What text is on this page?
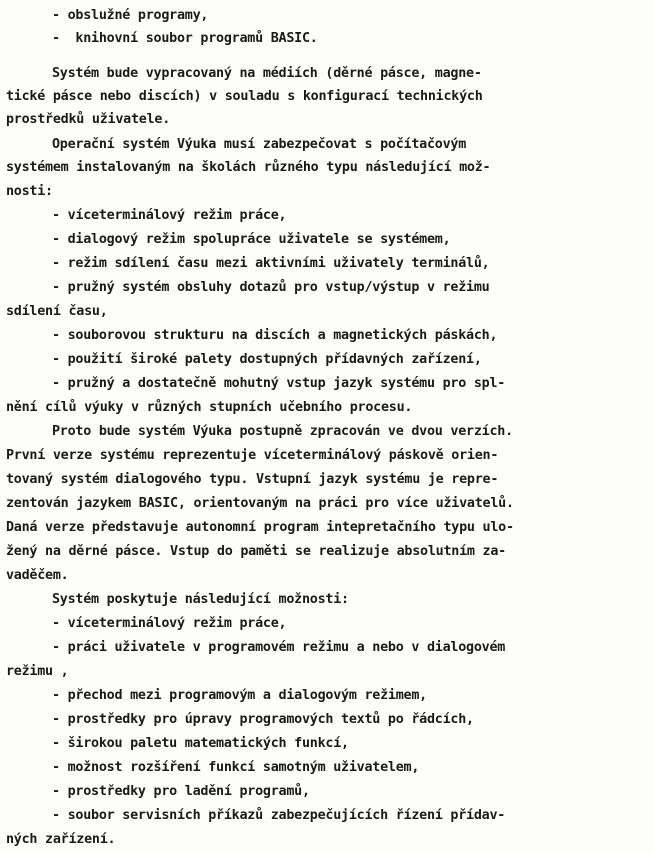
- obslužné programy,
-  knihovní soubor programů BASIC.
Systém bude vypracovaný na médiích (děrné pásce, magne-
tické pásce nebo discích) v souladu s konfigurací technických
prostředků uživatele.
Operační systém Výuka musí zabezpečovat s počítačovým
systémem instalovaným na školách různého typu následující mož-
nosti:
- víceterminálový režim práce,
- dialogový režim spolupráce uživatele se systémem,
- režim sdílení času mezi aktivními uživately terminálů,
- pružný systém obsluhy dotazů pro vstup/výstup v režimu
sdílení času,
- souborovou strukturu na discích a magnetických páskách,
- použití široké palety dostupných přídavných zařízení,
- pružný a dostatečně mohutný vstup jazyk systému pro spl-
nění cílů výuky v různých stupních učebního procesu.
Proto bude systém Výuka postupně zpracován ve dvou verzích.
První verze systému reprezentuje víceterminálový páskově orien-
tovaný systém dialogového typu. Vstupní jazyk systému je repre-
zentován jazykem BASIC, orientovaným na práci pro více uživatelů.
Daná verze představuje autonomní program intepretačního typu ulo-
žený na děrné pásce. Vstup do paměti se realizuje absolutním za-
vaděčem.
Systém poskytuje následující možnosti:
- víceterminálový režim práce,
- práci uživatele v programovém režimu a nebo v dialogovém
režimu ,
- přechod mezi programovým a dialogovým režimem,
- prostředky pro úpravy programových textů po řádcích,
- širokou paletu matematických funkcí,
- možnost rozšíření funkcí samotným uživatelem,
- prostředky pro ladění programů,
- soubor servisních příkazů zabezpečujících řízení přídav-
ných zařízení.
